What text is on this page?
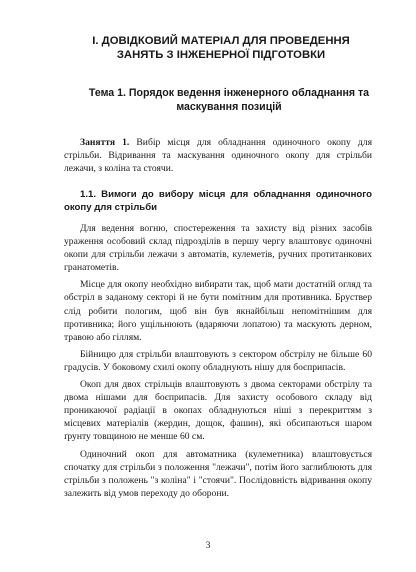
I. ДОВІДКОВИЙ МАТЕРІАЛ ДЛЯ ПРОВЕДЕННЯ ЗАНЯТЬ З ІНЖЕНЕРНОЇ ПІДГОТОВКИ
Тема 1. Порядок ведення інженерного обладнання та маскування позицій

Заняття 1. Вибір місця для обладнання одиночного окопу для стрільби. Відривання та маскування одиночного окопу для стрільби лежачи, з коліна та стоячи.

1.1. Вимоги до вибору місця для обладнання одиночного окопу для стрільби

Для ведення вогню, спостереження та захисту від різних засобів ураження особовий склад підрозділів в першу чергу влаштовує одиночні окопи для стрільби лежачи з автоматів, кулеметів, ручних протитанкових гранатометів.

Місце для окопу необхідно вибирати так, щоб мати достатній огляд та обстріл в заданому секторі й не бути помітним для противника. Бруствер слід робити пологим, щоб він був якнайбільш непомітнішим для противника; його ущільнюють (вдаряючи лопатою) та маскують дерном, травою або гіллям.

Бійницю для стрільби влаштовують з сектором обстрілу не більше 60 градусів. У боковому схилі окопу обладнують нішу для боєприпасів.

Окоп для двох стрільців влаштовують з двома секторами обстрілу та двома нішами для боєприпасів. Для захисту особового складу від проникаючої радіації в окопах обладнуються ніші з перекриттям з місцевих матеріалів (жердин, дощок, фашин), які обсипаються шаром ґрунту товщиною не менше 60 см.

Одиночний окоп для автоматника (кулеметника) влаштовується спочатку для стрільби з положення "лежачи", потім його заглиблюють для стрільби з положень "з коліна" і "стоячи". Послідовність відривання окопу залежить від умов переходу до оборони.

3
